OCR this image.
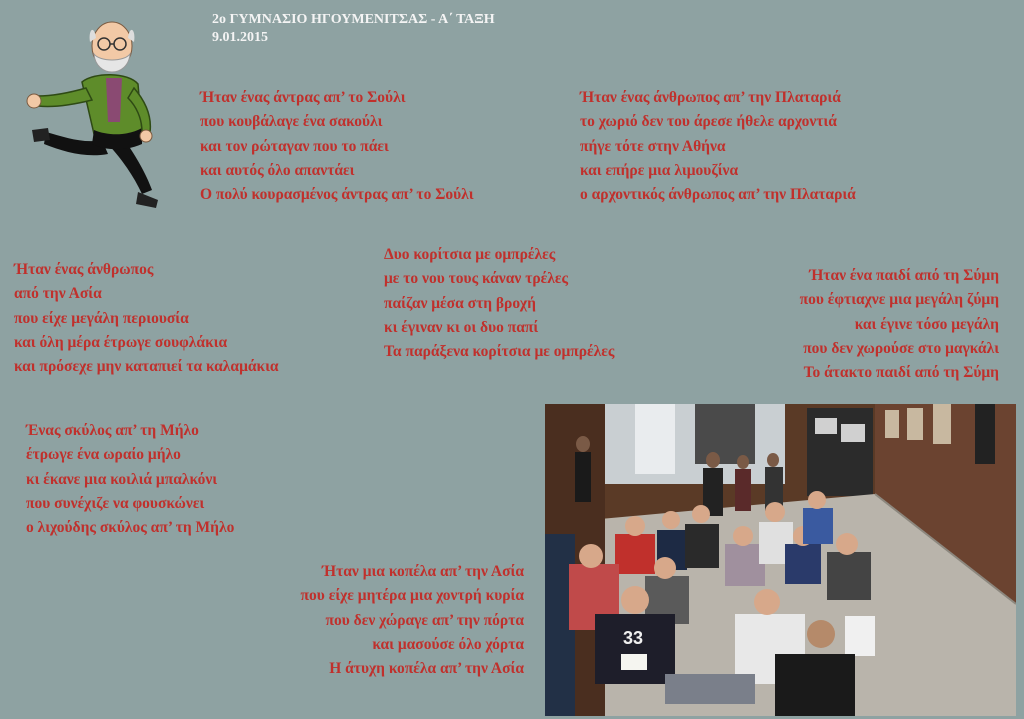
2ο ΓΥΜΝΑΣΙΟ ΗΓΟΥΜΕΝΙΤΣΑΣ - Α΄ ΤΑΞΗ
9.01.2015
Ήταν ένας άντρας απ’ το Σούλι
που κουβάλαγε ένα σακούλι
και τον ρώταγαν που το πάει
και αυτός όλο απαντάει
Ο πολύ κουρασμένος άντρας απ’ το Σούλι
Ήταν ένας άνθρωπος απ’ την Πλαταριά
το χωριό δεν του άρεσε ήθελε αρχοντιά
πήγε τότε στην Αθήνα
και επήρε μια λιμουζίνα
ο αρχοντικός άνθρωπος απ’ την Πλαταριά
Ήταν ένας άνθρωπος
από την Ασία
που είχε μεγάλη περιουσία
και όλη μέρα έτρωγε σουφλάκια
και πρόσεχε μην καταπιεί τα καλαμάκια
Δυο κορίτσια με ομπρέλες
με το νου τους κάναν τρέλες
παίζαν μέσα στη βροχή
κι έγιναν κι οι δυο παπί
Τα παράξενα κορίτσια με ομπρέλες
Ήταν ένα παιδί από τη Σύμη
που έφτιαχνε μια μεγάλη ζύμη
και έγινε τόσο μεγάλη
που δεν χωρούσε στο μαγκάλι
Το άτακτο παιδί από τη Σύμη
Ένας σκύλος απ’ τη Μήλο
έτρωγε ένα ωραίο μήλο
κι έκανε μια κοιλιά μπαλκόνι
που συνέχιζε να φουσκώνει
ο λιχούδης σκύλος απ’ τη Μήλο
Ήταν μια κοπέλα απ’ την Ασία
που είχε μητέρα μια χοντρή κυρία
που δεν χώραγε απ’ την πόρτα
και μασούσε όλο χόρτα
Η άτυχη κοπέλα απ’ την Ασία
33
